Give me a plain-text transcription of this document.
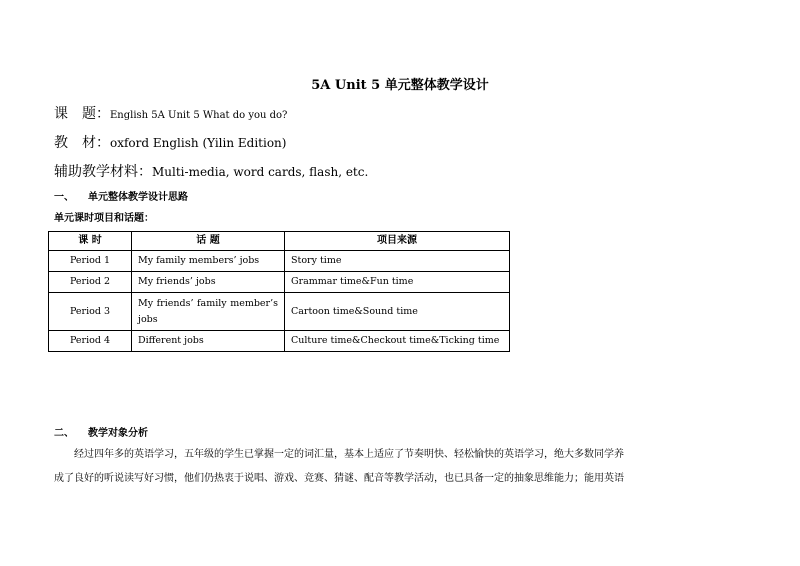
5A Unit 5 单元整体教学设计
课　题：English 5A Unit 5 What do you do?
教　材：oxford English (Yilin Edition)
辅助教学材料：Multi-media, word cards, flash, etc.
一、 单元整体教学设计思路
单元课时项目和话题：
课 时	话 题	项目来源
Period 1	My family members’ jobs	Story time
Period 2	My friends’ jobs	Grammar time&Fun time
Period 3	My friends’ family member’s jobs	Cartoon time&Sound time
Period 4	Different jobs	Culture time&Checkout time&Ticking time
二、 教学对象分析
　　经过四年多的英语学习，五年级的学生已掌握一定的词汇量，基本上适应了节奏明快、轻松愉快的英语学习，绝大多数同学养
成了良好的听说读写好习惯，他们仍热衷于说唱、游戏、竞赛、猜谜、配音等教学活动，也已具备一定的抽象思维能力；能用英语
